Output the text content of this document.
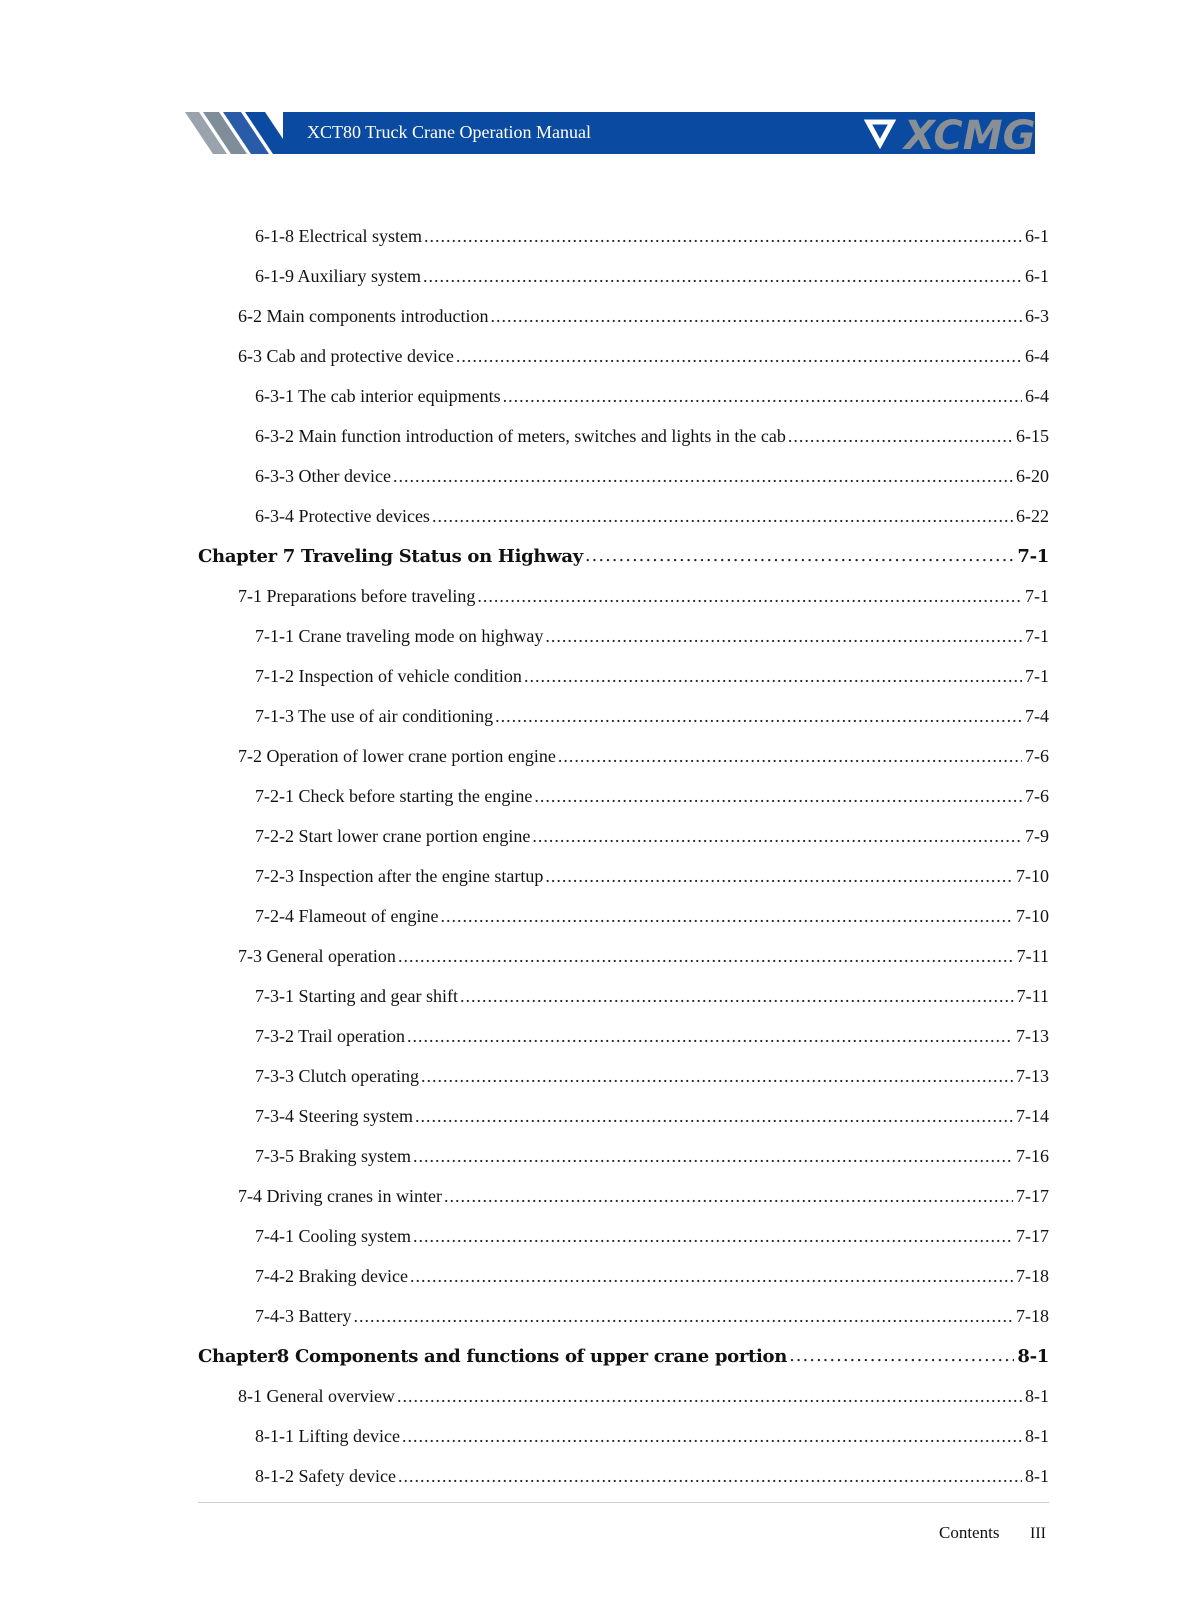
XCT80 Truck Crane Operation Manual	XCMG
6-1-8 Electrical system .....	6-1
6-1-9 Auxiliary system .....	6-1
6-2 Main components introduction .....	6-3
6-3 Cab and protective device .....	6-4
6-3-1 The cab interior equipments .....	6-4
6-3-2 Main function introduction of meters, switches and lights in the cab .....	6-15
6-3-3 Other device .....	6-20
6-3-4 Protective devices .....	6-22
Chapter 7 Traveling Status on Highway .....	7-1
7-1 Preparations before traveling .....	7-1
7-1-1 Crane traveling mode on highway .....	7-1
7-1-2 Inspection of vehicle condition .....	7-1
7-1-3 The use of air conditioning .....	7-4
7-2 Operation of lower crane portion engine .....	7-6
7-2-1 Check before starting the engine .....	7-6
7-2-2 Start lower crane portion engine .....	7-9
7-2-3 Inspection after the engine startup .....	7-10
7-2-4 Flameout of engine .....	7-10
7-3 General operation .....	7-11
7-3-1 Starting and gear shift .....	7-11
7-3-2 Trail operation .....	7-13
7-3-3 Clutch operating .....	7-13
7-3-4 Steering system .....	7-14
7-3-5 Braking system .....	7-16
7-4 Driving cranes in winter .....	7-17
7-4-1 Cooling system .....	7-17
7-4-2 Braking device .....	7-18
7-4-3 Battery .....	7-18
Chapter8 Components and functions of upper crane portion .....	8-1
8-1 General overview .....	8-1
8-1-1 Lifting device .....	8-1
8-1-2 Safety device .....	8-1
Contents III
